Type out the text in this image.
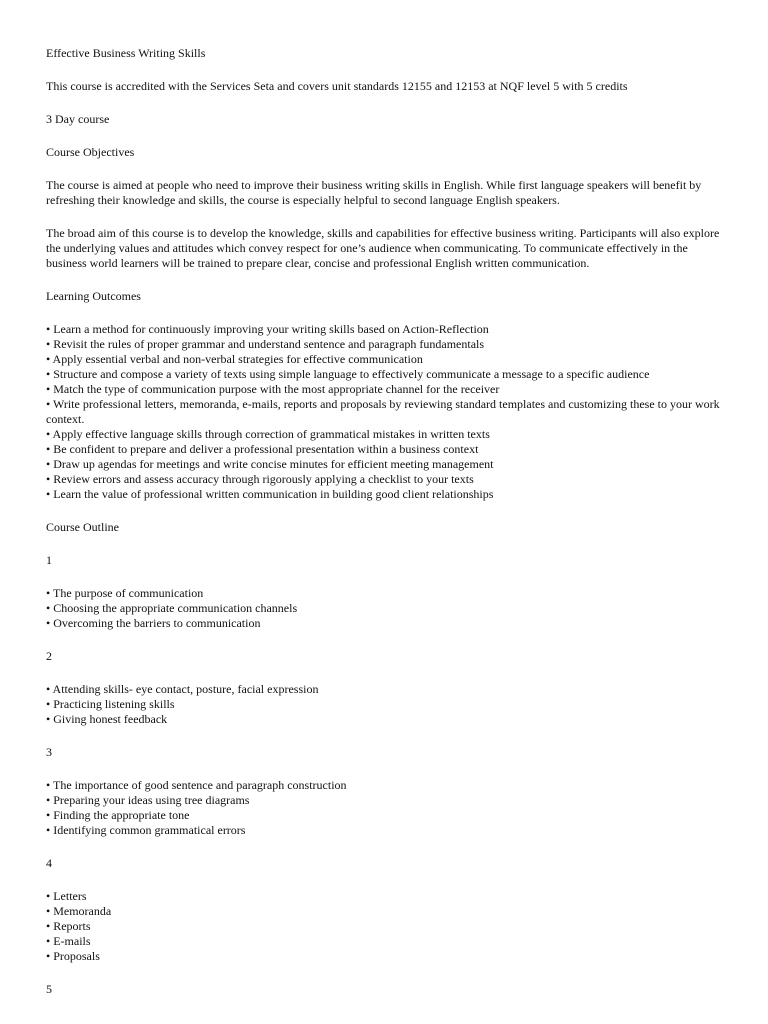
Effective Business Writing Skills

This course is accredited with the Services Seta and covers unit standards 12155 and 12153 at NQF level 5 with 5 credits

3 Day course

Course Objectives

The course is aimed at people who need to improve their business writing skills in English. While first language speakers will benefit by refreshing their knowledge and skills, the course is especially helpful to second language English speakers.

The broad aim of this course is to develop the knowledge, skills and capabilities for effective business writing. Participants will also explore the underlying values and attitudes which convey respect for one’s audience when communicating. To communicate effectively in the business world learners will be trained to prepare clear, concise and professional English written communication.

Learning Outcomes

• Learn a method for continuously improving your writing skills based on Action-Reflection
• Revisit the rules of proper grammar and understand sentence and paragraph fundamentals
• Apply essential verbal and non-verbal strategies for effective communication
• Structure and compose a variety of texts using simple language to effectively communicate a message to a specific audience
• Match the type of communication purpose with the most appropriate channel for the receiver
• Write professional letters, memoranda, e-mails, reports and proposals by reviewing standard templates and customizing these to your work context.
• Apply effective language skills through correction of grammatical mistakes in written texts
• Be confident to prepare and deliver a professional presentation within a business context
• Draw up agendas for meetings and write concise minutes for efficient meeting management
• Review errors and assess accuracy through rigorously applying a checklist to your texts
• Learn the value of professional written communication in building good client relationships

Course Outline

1
• The purpose of communication
• Choosing the appropriate communication channels
• Overcoming the barriers to communication
2
• Attending skills- eye contact, posture, facial expression
• Practicing listening skills
• Giving honest feedback
3
• The importance of good sentence and paragraph construction
• Preparing your ideas using tree diagrams
• Finding the appropriate tone
• Identifying common grammatical errors
4
• Letters
• Memoranda
• Reports
• E-mails
• Proposals
5
